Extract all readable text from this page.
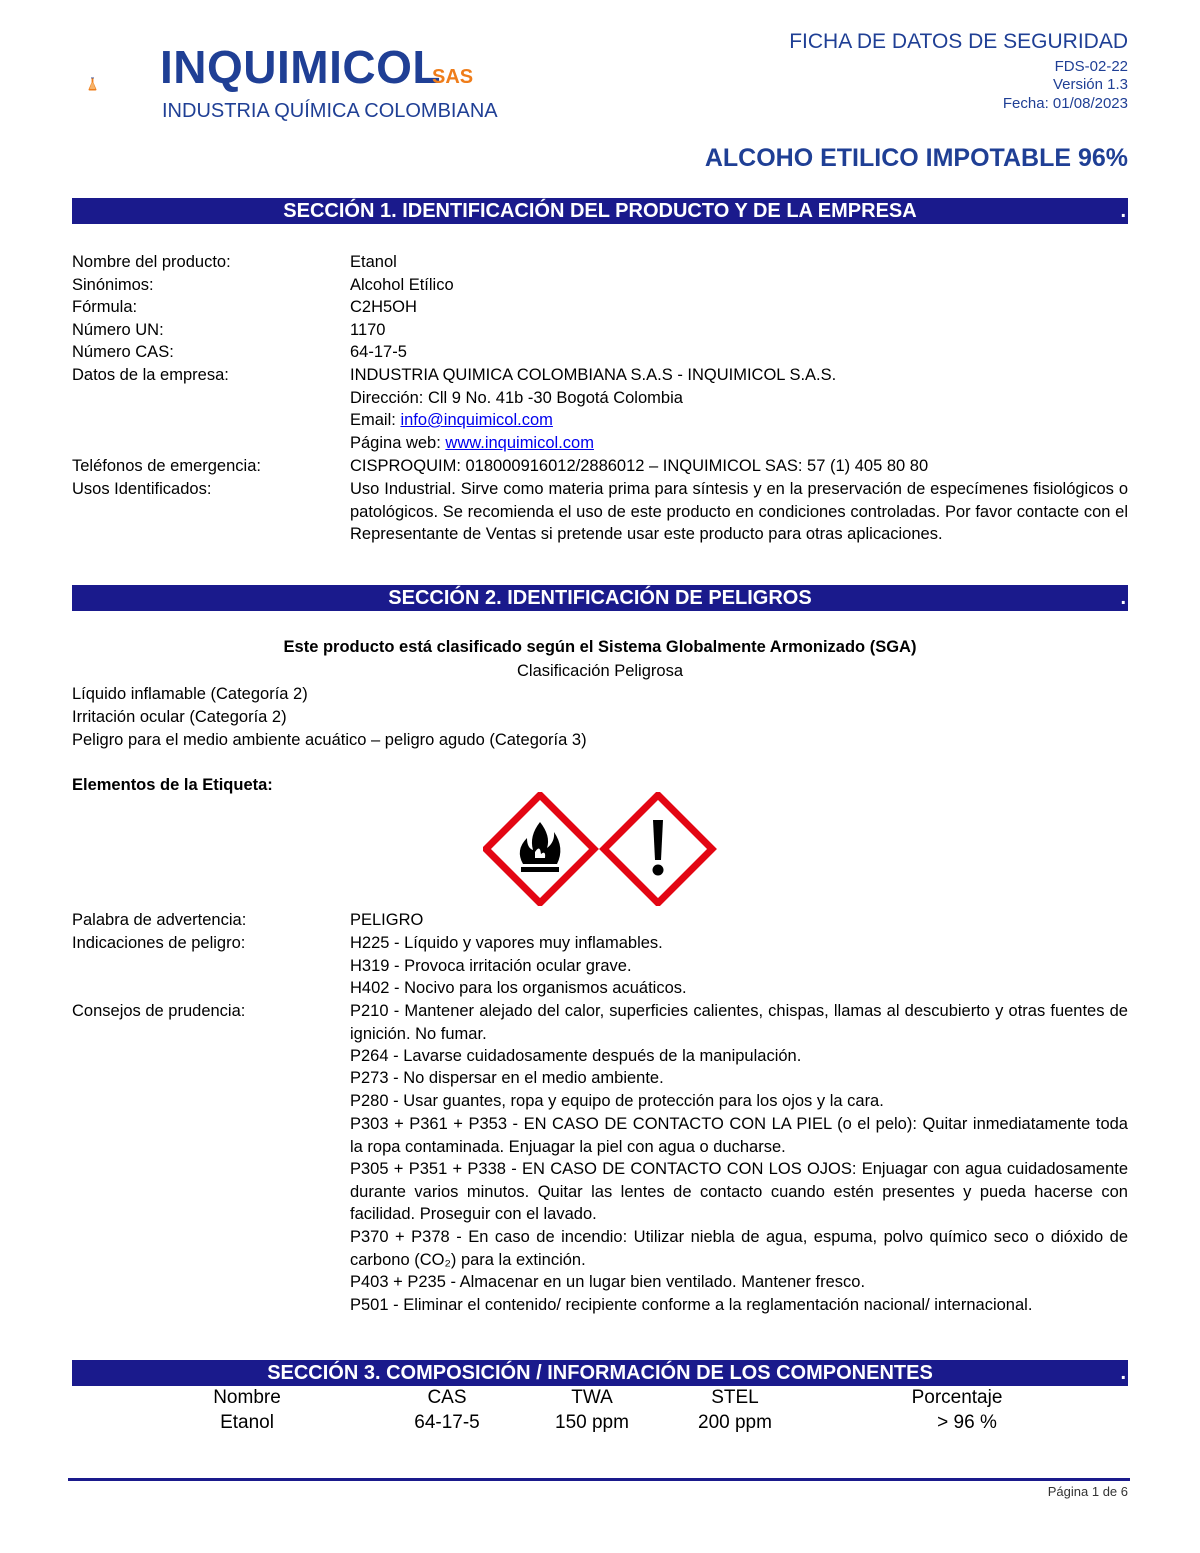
INQUIMICOL
SAS
INDUSTRIA QUÍMICA COLOMBIANA
FICHA DE DATOS DE SEGURIDAD
FDS-02-22
Versión 1.3
Fecha: 01/08/2023
ALCOHO ETILICO IMPOTABLE 96%
SECCIÓN 1. IDENTIFICACIÓN DEL PRODUCTO Y DE LA EMPRESA	.
Nombre del producto:	Etanol
Sinónimos:	Alcohol Etílico
Fórmula:	C2H5OH
Número UN:	1170
Número CAS:	64-17-5
Datos de la empresa:	INDUSTRIA QUIMICA COLOMBIANA S.A.S - INQUIMICOL S.A.S.
Dirección: Cll 9 No. 41b -30 Bogotá Colombia
Email: info@inquimicol.com
Página web: www.inquimicol.com
Teléfonos de emergencia:	CISPROQUIM: 018000916012/2886012 – INQUIMICOL SAS: 57 (1) 405 80 80
Usos Identificados:	Uso Industrial. Sirve como materia prima para síntesis y en la preservación de especímenes fisiológicos o patológicos. Se recomienda el uso de este producto en condiciones controladas. Por favor contacte con el Representante de Ventas si pretende usar este producto para otras aplicaciones.
SECCIÓN 2. IDENTIFICACIÓN DE PELIGROS	.
Este producto está clasificado según el Sistema Globalmente Armonizado (SGA)
Clasificación Peligrosa
Líquido inflamable (Categoría 2)
Irritación ocular (Categoría 2)
Peligro para el medio ambiente acuático – peligro agudo (Categoría 3)
Elementos de la Etiqueta:
Palabra de advertencia:	PELIGRO
Indicaciones de peligro:	H225 - Líquido y vapores muy inflamables.
H319 - Provoca irritación ocular grave.
H402 - Nocivo para los organismos acuáticos.
Consejos de prudencia:	P210 - Mantener alejado del calor, superficies calientes, chispas, llamas al descubierto y otras fuentes de ignición. No fumar.
P264 - Lavarse cuidadosamente después de la manipulación.
P273 - No dispersar en el medio ambiente.
P280 - Usar guantes, ropa y equipo de protección para los ojos y la cara.
P303 + P361 + P353 - EN CASO DE CONTACTO CON LA PIEL (o el pelo): Quitar inmediatamente toda la ropa contaminada. Enjuagar la piel con agua o ducharse.
P305 + P351 + P338 - EN CASO DE CONTACTO CON LOS OJOS: Enjuagar con agua cuidadosamente durante varios minutos. Quitar las lentes de contacto cuando estén presentes y pueda hacerse con facilidad. Proseguir con el lavado.
P370 + P378 - En caso de incendio: Utilizar niebla de agua, espuma, polvo químico seco o dióxido de carbono (CO₂) para la extinción.
P403 + P235 - Almacenar en un lugar bien ventilado. Mantener fresco.
P501 - Eliminar el contenido/ recipiente conforme a la reglamentación nacional/ internacional.
SECCIÓN 3. COMPOSICIÓN / INFORMACIÓN DE LOS COMPONENTES	.
Nombre	CAS	TWA	STEL	Porcentaje
Etanol	64-17-5	150 ppm	200 ppm	> 96 %
Página 1 de 6
